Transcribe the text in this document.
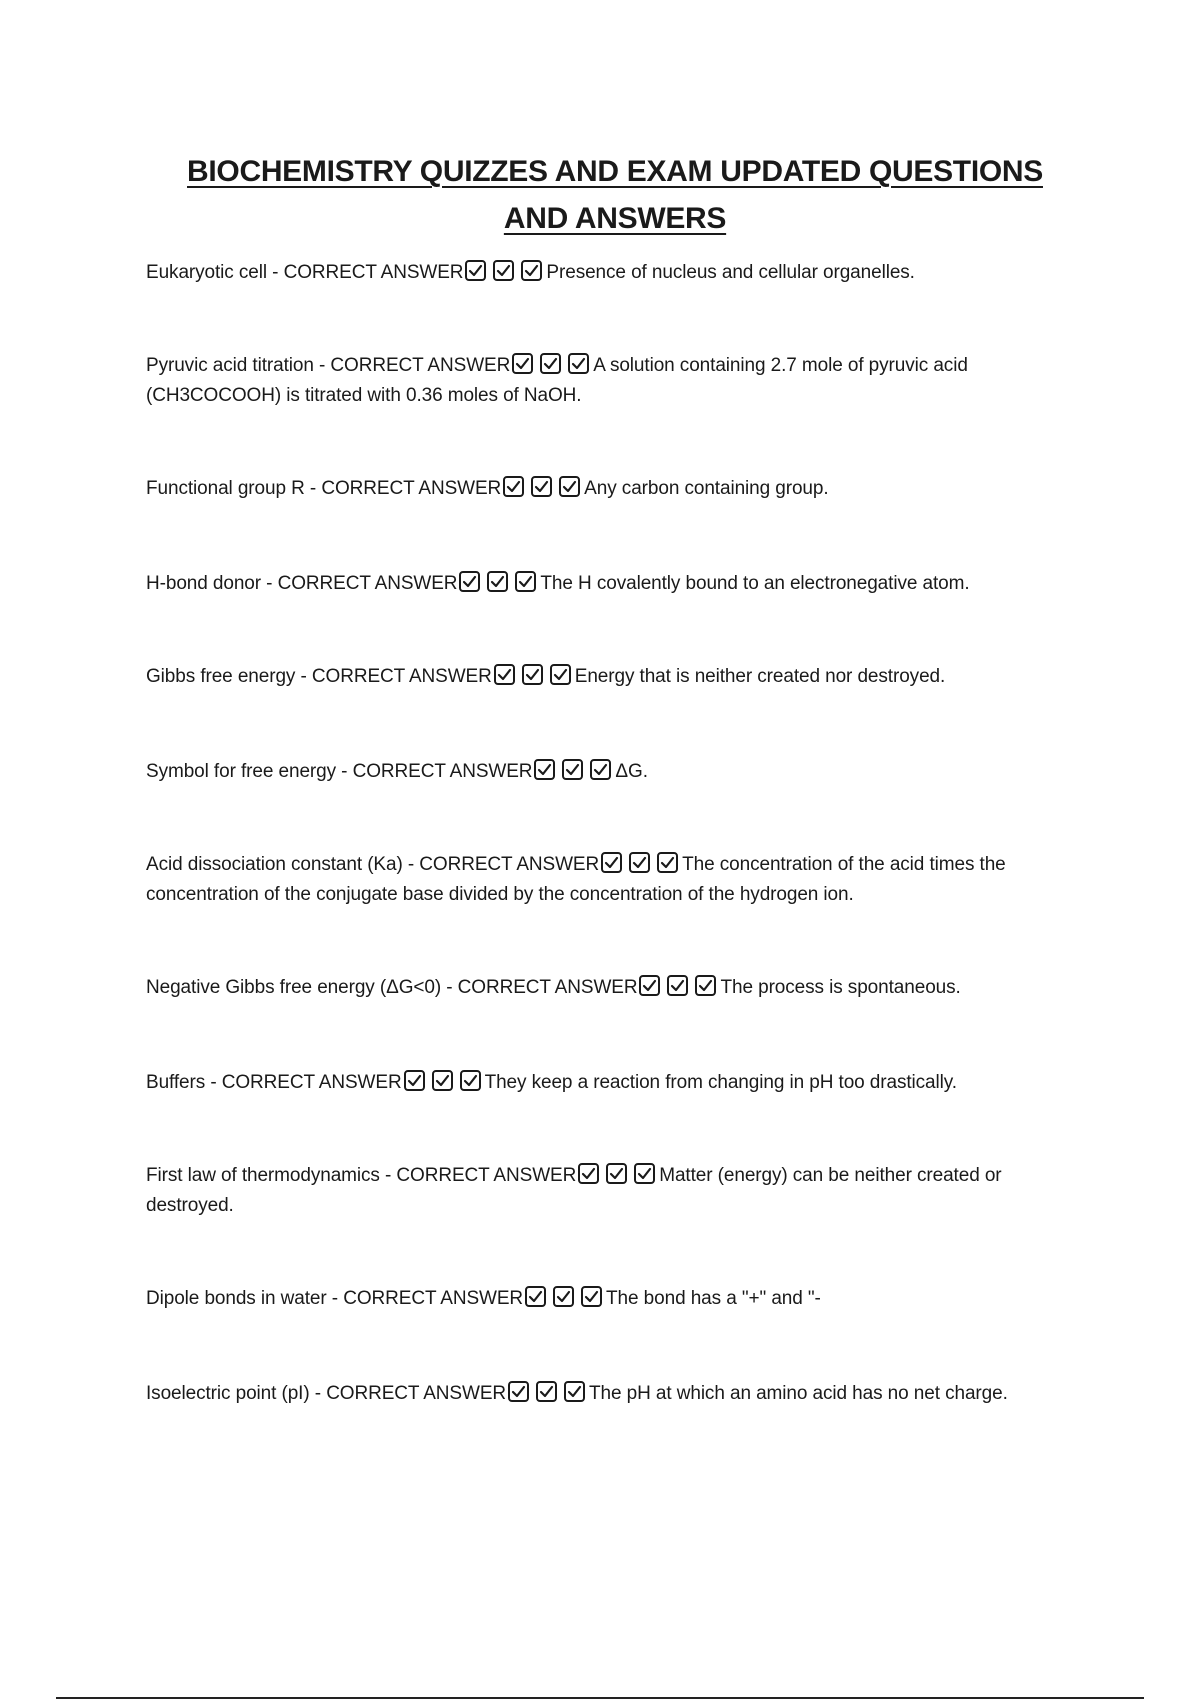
BIOCHEMISTRY QUIZZES AND EXAM UPDATED QUESTIONS
AND ANSWERS
Eukaryotic cell - CORRECT ANSWER	Presence of nucleus and cellular organelles.
Pyruvic acid titration - CORRECT ANSWER	A solution containing 2.7 mole of pyruvic acid (CH3COCOOH) is titrated with 0.36 moles of NaOH.
Functional group R - CORRECT ANSWER	Any carbon containing group.
H-bond donor - CORRECT ANSWER	The H covalently bound to an electronegative atom.
Gibbs free energy - CORRECT ANSWER	Energy that is neither created nor destroyed.
Symbol for free energy - CORRECT ANSWER	ΔG.
Acid dissociation constant (Ka) - CORRECT ANSWER	The concentration of the acid times the concentration of the conjugate base divided by the concentration of the hydrogen ion.
Negative Gibbs free energy (ΔG<0) - CORRECT ANSWER	The process is spontaneous.
Buffers - CORRECT ANSWER	They keep a reaction from changing in pH too drastically.
First law of thermodynamics - CORRECT ANSWER	Matter (energy) can be neither created or destroyed.
Dipole bonds in water - CORRECT ANSWER	The bond has a "+" and "-
Isoelectric point (pI) - CORRECT ANSWER	The pH at which an amino acid has no net charge.
